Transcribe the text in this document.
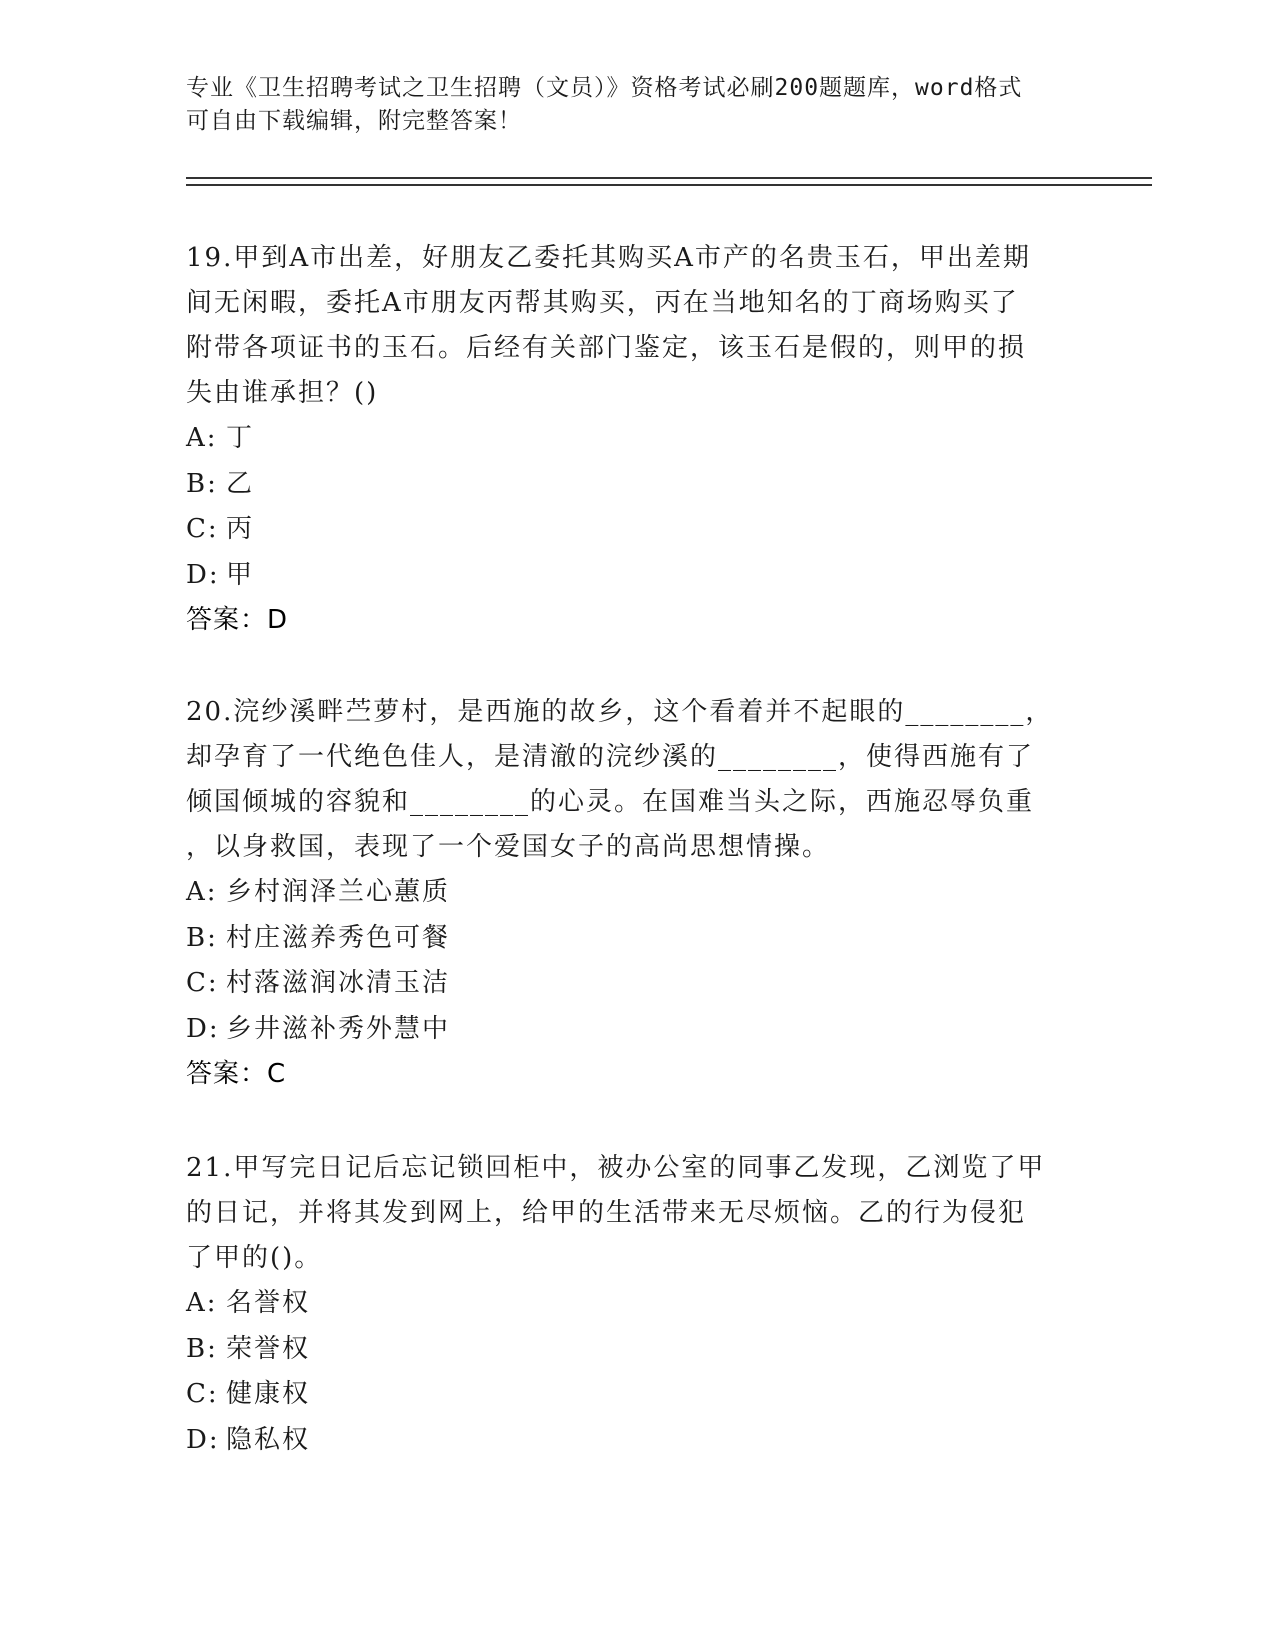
专业《卫生招聘考试之卫生招聘（文员）》资格考试必刷200题题库，word格式
可自由下载编辑，附完整答案！
19.甲到A市出差，好朋友乙委托其购买A市产的名贵玉石，甲出差期
间无闲暇，委托A市朋友丙帮其购买，丙在当地知名的丁商场购买了
附带各项证书的玉石。后经有关部门鉴定，该玉石是假的，则甲的损
失由谁承担？()
A: 丁
B: 乙
C: 丙
D: 甲
答案：D
20.浣纱溪畔苎萝村，是西施的故乡，这个看着并不起眼的________，
却孕育了一代绝色佳人，是清澈的浣纱溪的________，使得西施有了
倾国倾城的容貌和________的心灵。在国难当头之际，西施忍辱负重
，以身救国，表现了一个爱国女子的高尚思想情操。
A: 乡村润泽兰心蕙质
B: 村庄滋养秀色可餐
C: 村落滋润冰清玉洁
D: 乡井滋补秀外慧中
答案：C
21.甲写完日记后忘记锁回柜中，被办公室的同事乙发现，乙浏览了甲
的日记，并将其发到网上，给甲的生活带来无尽烦恼。乙的行为侵犯
了甲的()。
A: 名誉权
B: 荣誉权
C: 健康权
D: 隐私权
